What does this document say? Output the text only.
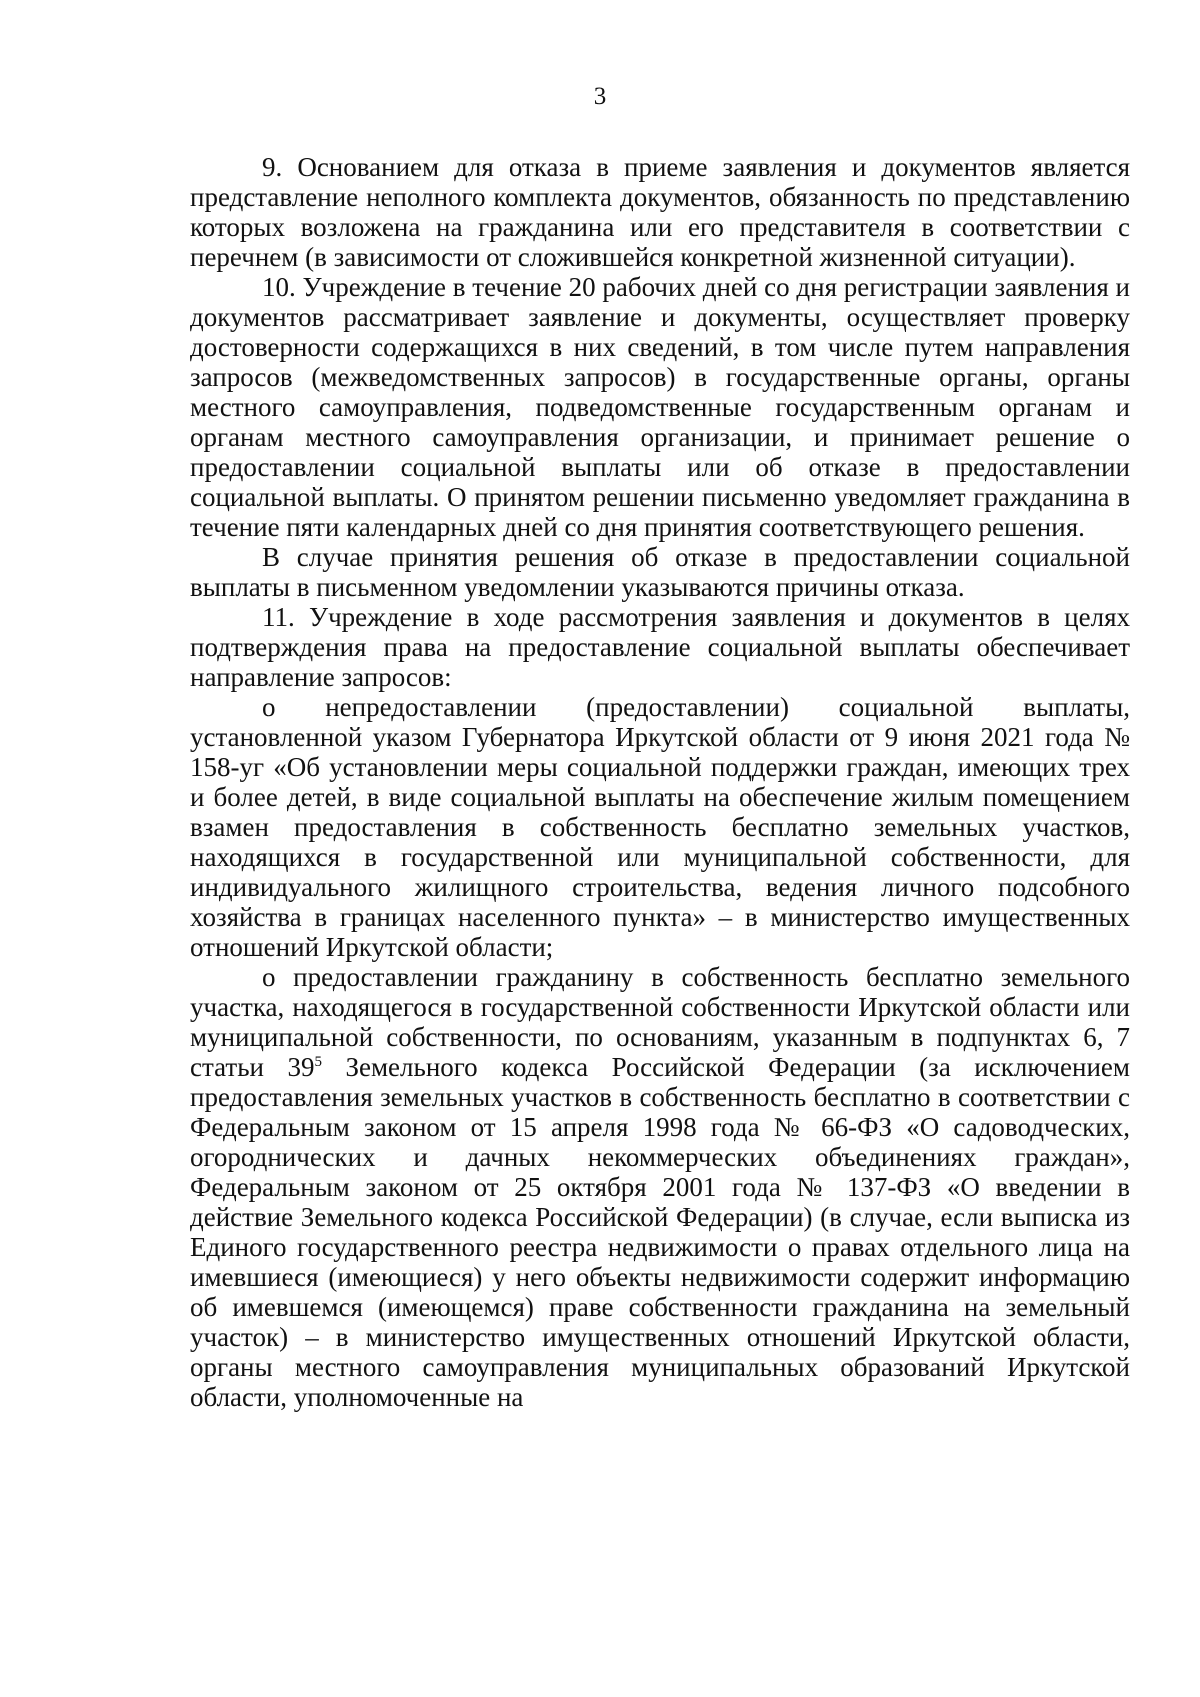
3

9. Основанием для отказа в приеме заявления и документов является представление неполного комплекта документов, обязанность по представлению которых возложена на гражданина или его представителя в соответствии с перечнем (в зависимости от сложившейся конкретной жизненной ситуации).

10. Учреждение в течение 20 рабочих дней со дня регистрации заявления и документов рассматривает заявление и документы, осуществляет проверку достоверности содержащихся в них сведений, в том числе путем направления запросов (межведомственных запросов) в государственные органы, органы местного самоуправления, подведомственные государственным органам и органам местного самоуправления организации, и принимает решение о предоставлении социальной выплаты или об отказе в предоставлении социальной выплаты. О принятом решении письменно уведомляет гражданина в течение пяти календарных дней со дня принятия соответствующего решения.

В случае принятия решения об отказе в предоставлении социальной выплаты в письменном уведомлении указываются причины отказа.

11. Учреждение в ходе рассмотрения заявления и документов в целях подтверждения права на предоставление социальной выплаты обеспечивает направление запросов:

о непредоставлении (предоставлении) социальной выплаты, установленной указом Губернатора Иркутской области от 9 июня 2021 года № 158-уг «Об установлении меры социальной поддержки граждан, имеющих трех и более детей, в виде социальной выплаты на обеспечение жилым помещением взамен предоставления в собственность бесплатно земельных участков, находящихся в государственной или муниципальной собственности, для индивидуального жилищного строительства, ведения личного подсобного хозяйства в границах населенного пункта» – в министерство имущественных отношений Иркутской области;

о предоставлении гражданину в собственность бесплатно земельного участка, находящегося в государственной собственности Иркутской области или муниципальной собственности, по основаниям, указанным в подпунктах 6, 7 статьи $39^5$ Земельного кодекса Российской Федерации (за исключением предоставления земельных участков в собственность бесплатно в соответствии с Федеральным законом от 15 апреля 1998 года № 66-ФЗ «О садоводческих, огороднических и дачных некоммерческих объединениях граждан», Федеральным законом от 25 октября 2001 года № 137-ФЗ «О введении в действие Земельного кодекса Российской Федерации) (в случае, если выписка из Единого государственного реестра недвижимости о правах отдельного лица на имевшиеся (имеющиеся) у него объекты недвижимости содержит информацию об имевшемся (имеющемся) праве собственности гражданина на земельный участок) – в министерство имущественных отношений Иркутской области, органы местного самоуправления муниципальных образований Иркутской области, уполномоченные на
